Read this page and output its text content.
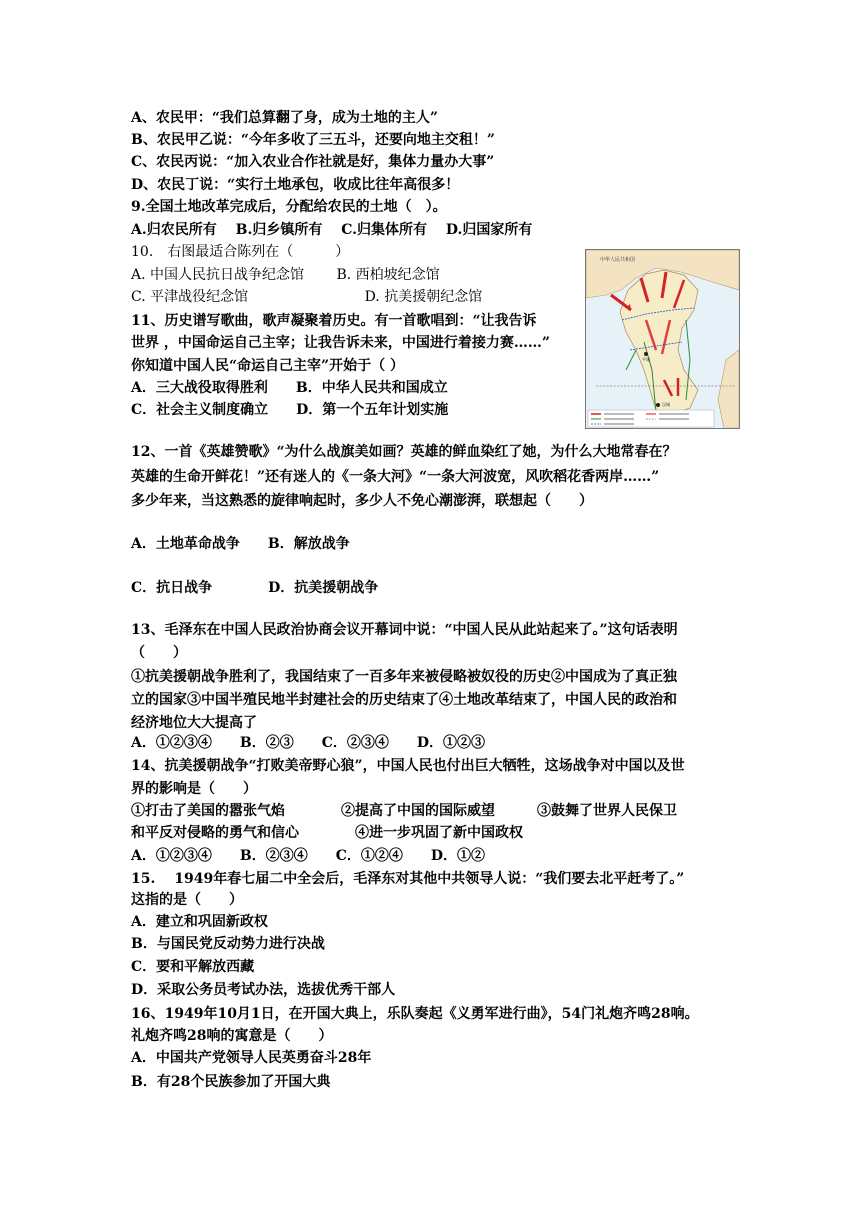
A、农民甲：“我们总算翻了身，成为土地的主人”
B、农民甲乙说：“今年多收了三五斗，还要向地主交租！”
C、农民丙说：“加入农业合作社就是好，集体力量办大事”
D、农民丁说：“实行土地承包，收成比往年高很多！
9.全国土地改革完成后，分配给农民的土地（　）。
A.归农民所有　 B.归乡镇所有　 C.归集体所有　 D.归国家所有
10.　右图最适合陈列在（　　　）
A. 中国人民抗日战争纪念馆　　 B. 西柏坡纪念馆
C. 平津战役纪念馆　　　　　　　　 D. 抗美援朝纪念馆
11、历史谱写歌曲，歌声凝聚着历史。有一首歌唱到：“让我告诉
世界 ，中国命运自己主宰；让我告诉未来，中国进行着接力赛……”
你知道中国人民“命运自己主宰”开始于（ ）
A．三大战役取得胜利　　B．中华人民共和国成立
C．社会主义制度确立　　D．第一个五年计划实施
12、一首《英雄赞歌》“为什么战旗美如画？英雄的鲜血染红了她，为什么大地常春在？
英雄的生命开鲜花！”还有迷人的《一条大河》“一条大河波宽，风吹稻花香两岸……”
多少年来，当这熟悉的旋律响起时，多少人不免心潮澎湃，联想起（　　）
A．土地革命战争　　B．解放战争
C．抗日战争　　　　D．抗美援朝战争
13、毛泽东在中国人民政治协商会议开幕词中说：“中国人民从此站起来了。”这句话表明
（　　）
①抗美援朝战争胜利了，我国结束了一百多年来被侵略被奴役的历史②中国成为了真正独
立的国家③中国半殖民地半封建社会的历史结束了④土地改革结束了，中国人民的政治和
经济地位大大提高了
A．①②③④　　B．②③　　C．②③④　　D．①②③
14、抗美援朝战争“打败美帝野心狼”，中国人民也付出巨大牺牲，这场战争对中国以及世
界的影响是（　　）
①打击了美国的嚣张气焰　　　　②提高了中国的国际威望　　　③鼓舞了世界人民保卫
和平反对侵略的勇气和信心　　　　④进一步巩固了新中国政权
A．①②③④　　B．②③④　　C．①②④　　D．①②
15.　 1949年春七届二中全会后，毛泽东对其他中共领导人说：“我们要去北平赶考了。”
这指的是（　　）
A．建立和巩固新政权
B．与国民党反动势力进行决战
C．要和平解放西藏
D．采取公务员考试办法，选拔优秀干部人
16、1949年10月1日，在开国大典上，乐队奏起《义勇军进行曲》，54门礼炮齐鸣28响。
礼炮齐鸣28响的寓意是（　　）
A．中国共产党领导人民英勇奋斗28年
B．有28个民族参加了开国大典
中华人民共和国
平壤
汉城
